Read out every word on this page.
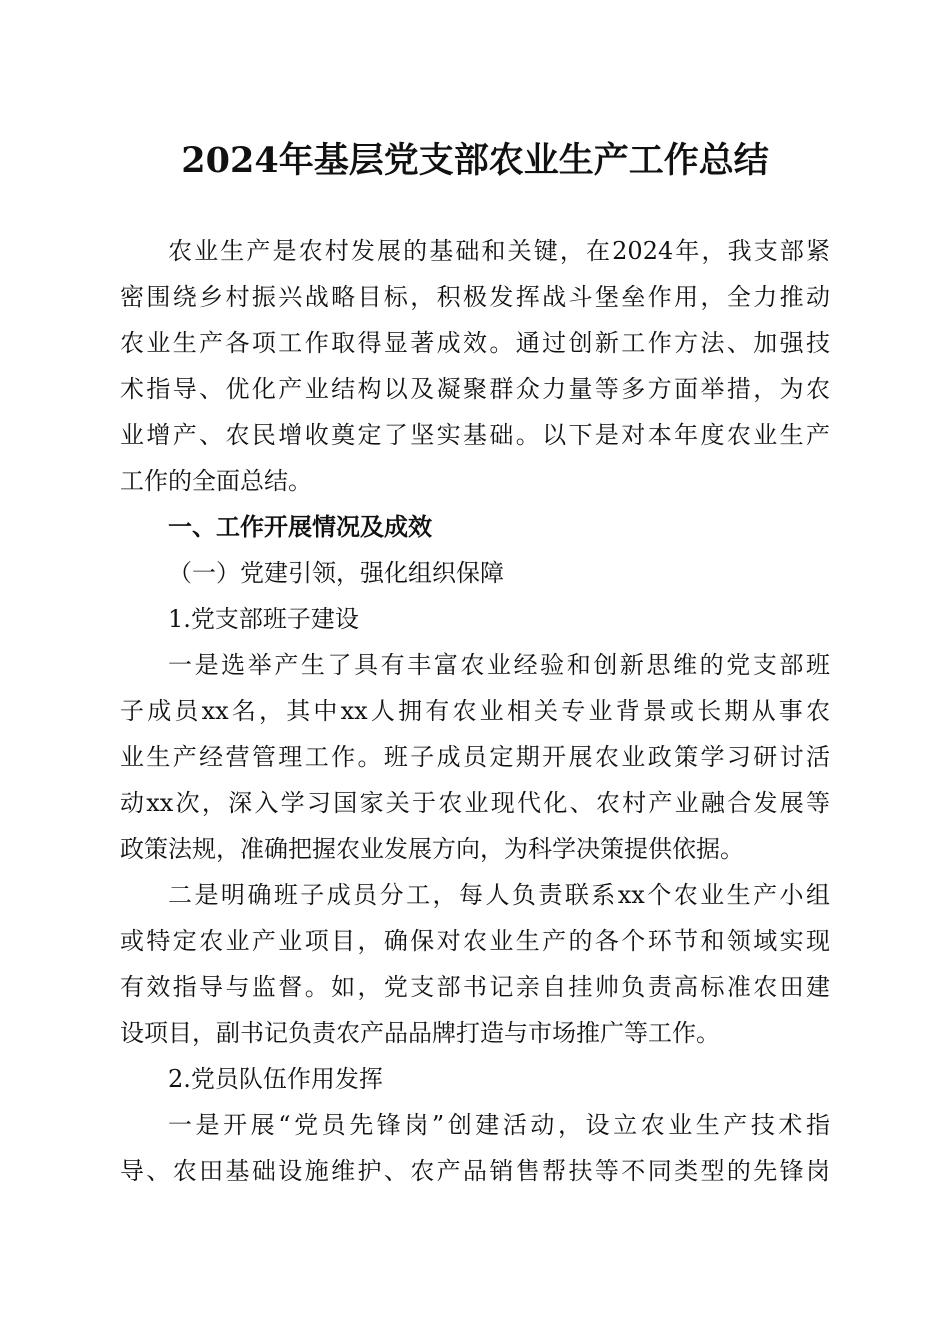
2024年基层党支部农业生产工作总结
农业生产是农村发展的基础和关键，在2024年，我支部紧
密围绕乡村振兴战略目标，积极发挥战斗堡垒作用，全力推动
农业生产各项工作取得显著成效。通过创新工作方法、加强技
术指导、优化产业结构以及凝聚群众力量等多方面举措，为农
业增产、农民增收奠定了坚实基础。以下是对本年度农业生产
工作的全面总结。
一、工作开展情况及成效
（一）党建引领，强化组织保障
1.党支部班子建设
一是选举产生了具有丰富农业经验和创新思维的党支部班
子成员xx名，其中xx人拥有农业相关专业背景或长期从事农
业生产经营管理工作。班子成员定期开展农业政策学习研讨活
动xx次，深入学习国家关于农业现代化、农村产业融合发展等
政策法规，准确把握农业发展方向，为科学决策提供依据。
二是明确班子成员分工，每人负责联系xx个农业生产小组
或特定农业产业项目，确保对农业生产的各个环节和领域实现
有效指导与监督。如，党支部书记亲自挂帅负责高标准农田建
设项目，副书记负责农产品品牌打造与市场推广等工作。
2.党员队伍作用发挥
一是开展“党员先锋岗”创建活动，设立农业生产技术指
导、农田基础设施维护、农产品销售帮扶等不同类型的先锋岗
